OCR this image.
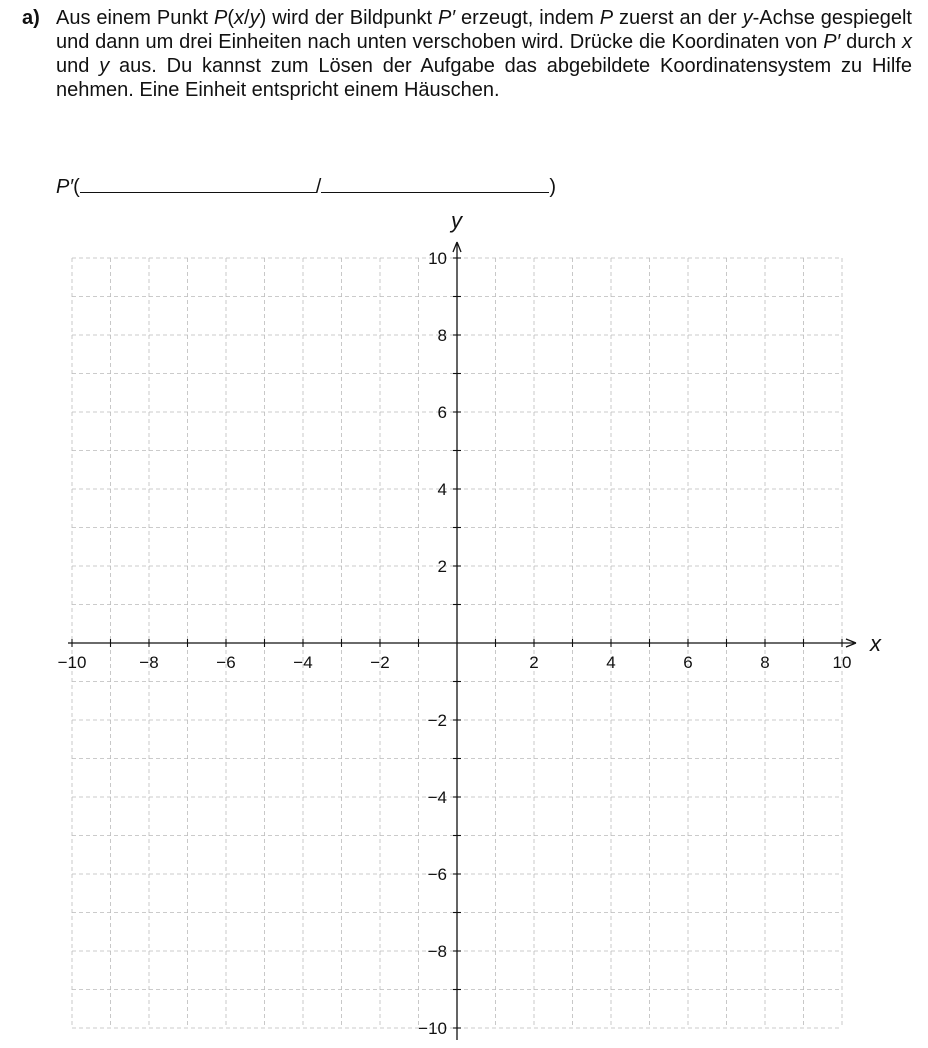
a) Aus einem Punkt P(x/y) wird der Bildpunkt P′ erzeugt, indem P zuerst an der y-Achse gespiegelt und dann um drei Einheiten nach unten verschoben wird. Drücke die Koordinaten von P′ durch x und y aus. Du kannst zum Lösen der Aufgabe das abgebildete Koordinatensystem zu Hilfe nehmen. Eine Einheit entspricht einem Häuschen.
P′(	/	)
−10	−8	−6	−4	−2	2	4	6	8	10
10
8
6
4
2
−2
−4
−6
−8
−10
x
y
